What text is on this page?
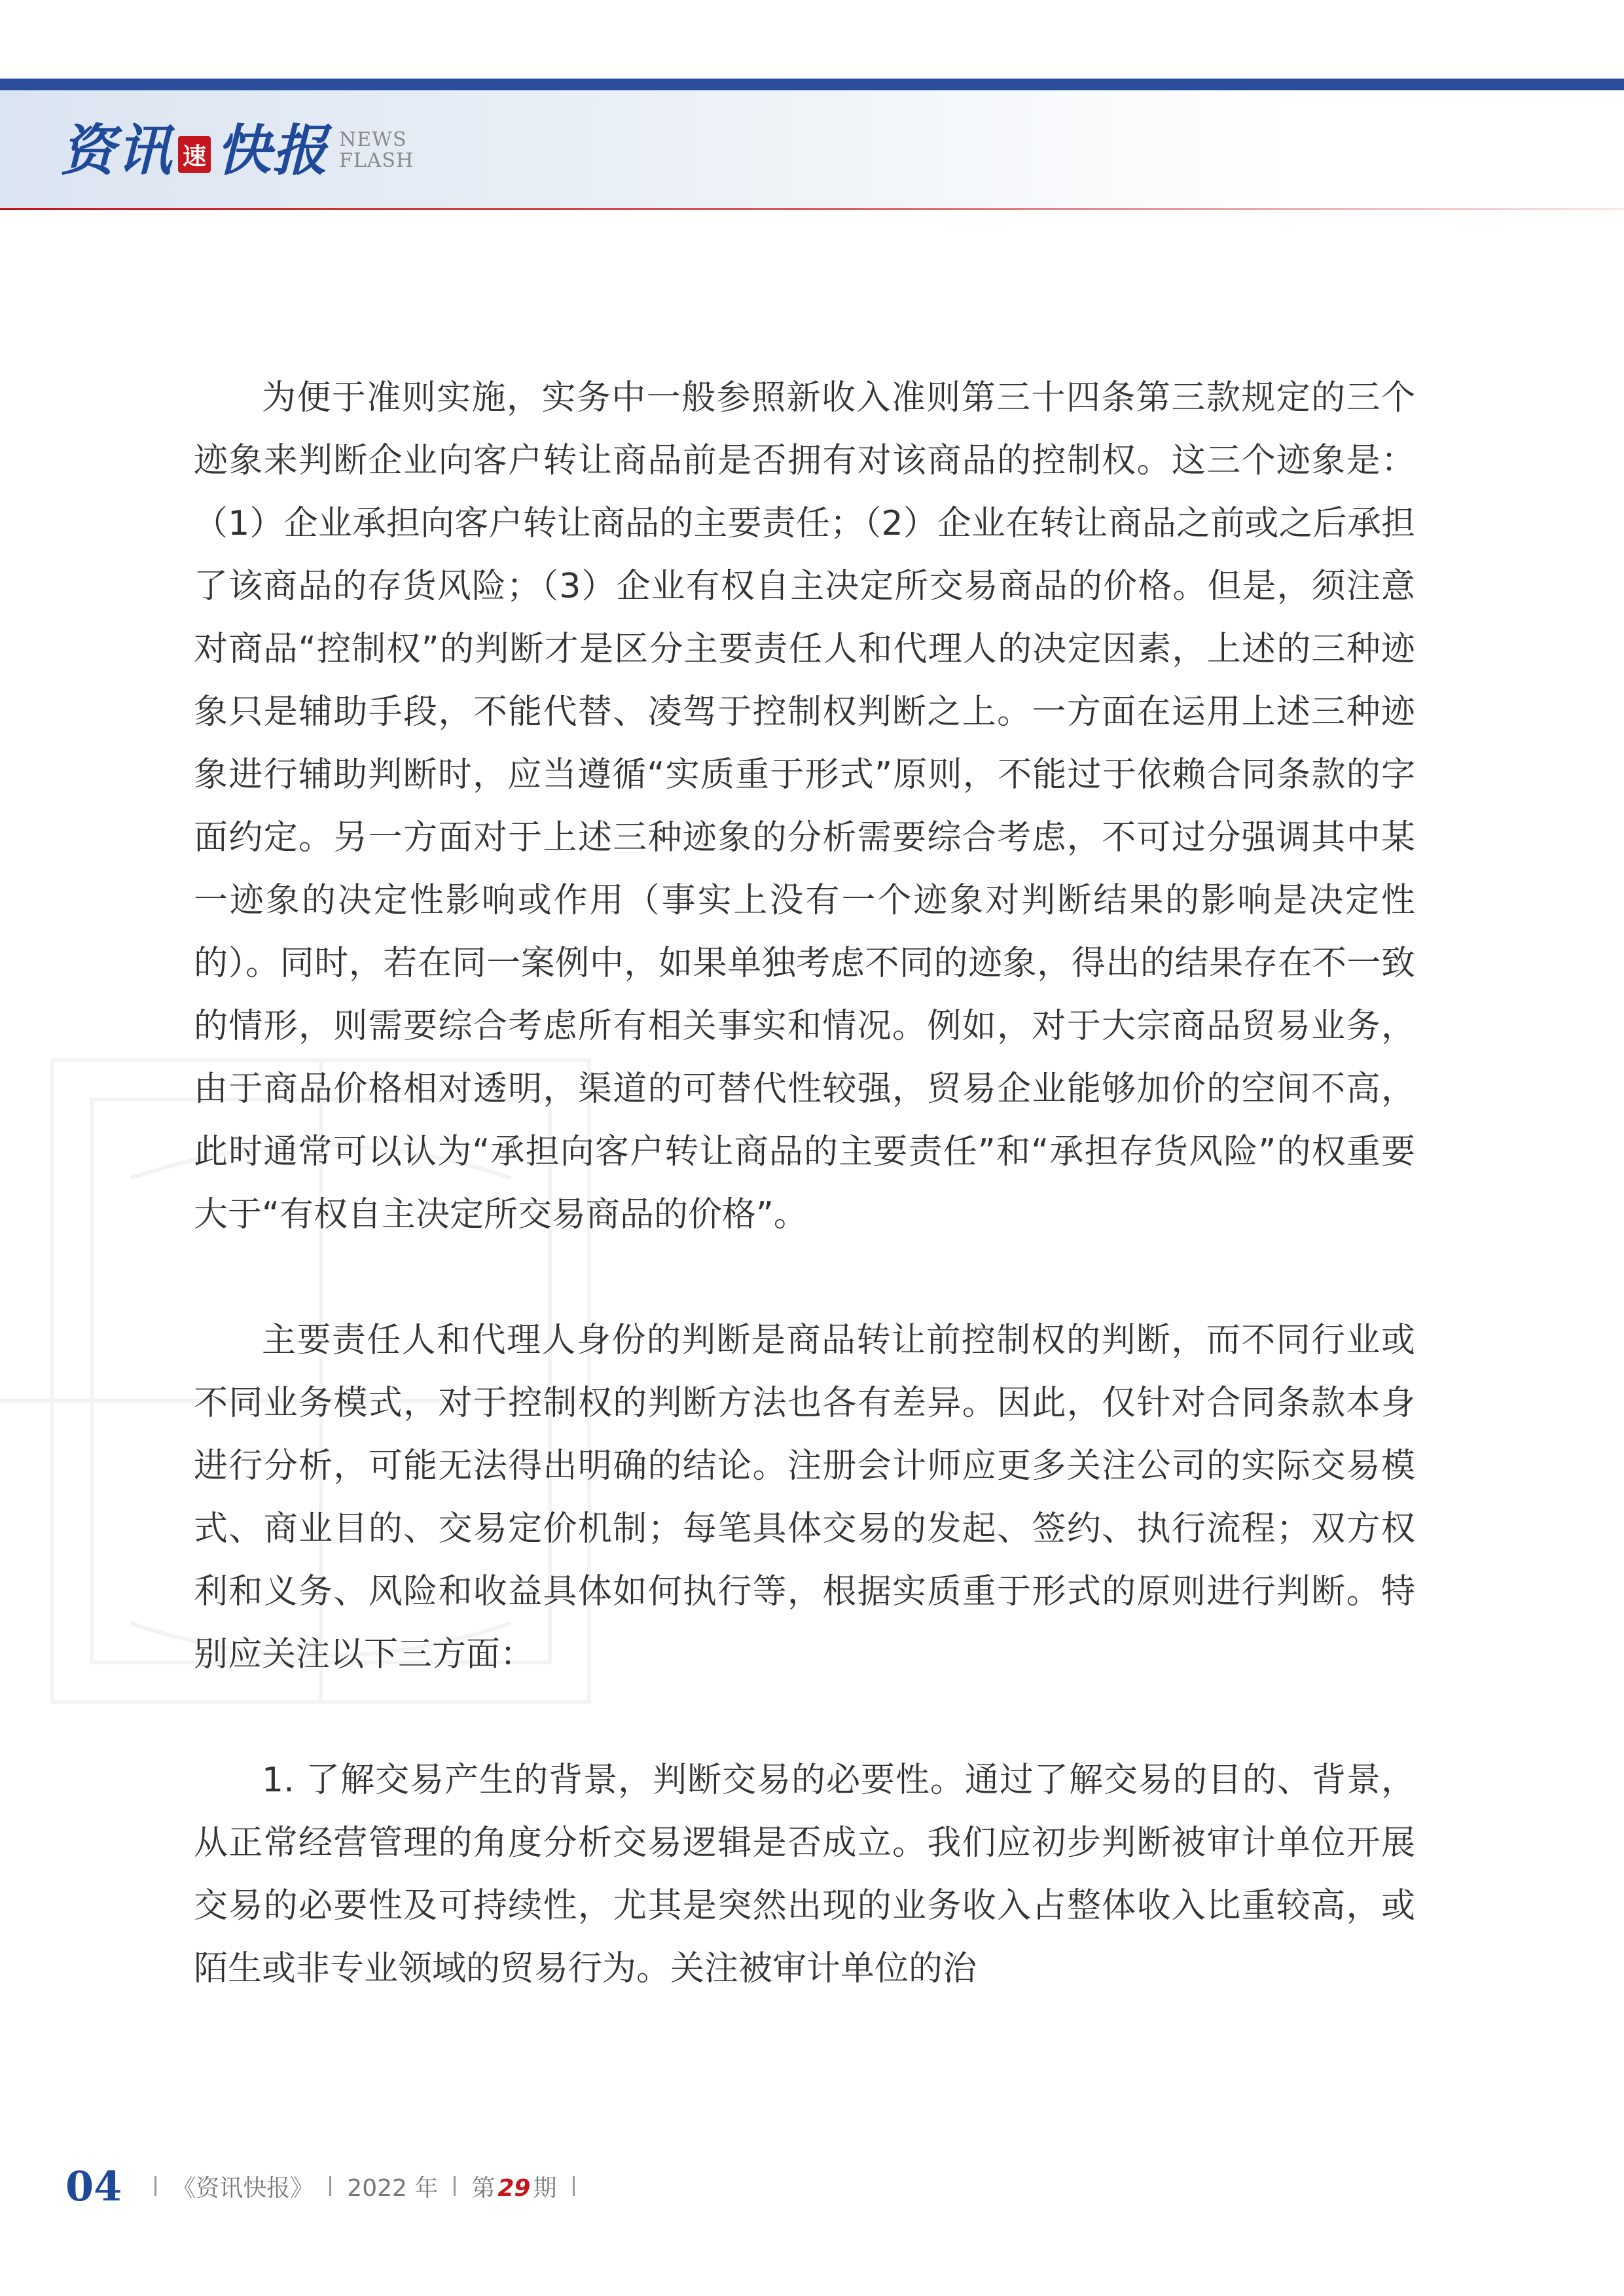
资讯 速 快报 NEWS
FLASH

为便于准则实施，实务中一般参照新收入准则第三十四条第三款规定的三个迹象来判断企业向客户转让商品前是否拥有对该商品的控制权。这三个迹象是：（1）企业承担向客户转让商品的主要责任；（2）企业在转让商品之前或之后承担了该商品的存货风险；（3）企业有权自主决定所交易商品的价格。但是，须注意对商品“控制权”的判断才是区分主要责任人和代理人的决定因素，上述的三种迹象只是辅助手段，不能代替、凌驾于控制权判断之上。一方面在运用上述三种迹象进行辅助判断时，应当遵循“实质重于形式”原则，不能过于依赖合同条款的字面约定。另一方面对于上述三种迹象的分析需要综合考虑，不可过分强调其中某一迹象的决定性影响或作用（事实上没有一个迹象对判断结果的影响是决定性的）。同时，若在同一案例中，如果单独考虑不同的迹象，得出的结果存在不一致的情形，则需要综合考虑所有相关事实和情况。例如，对于大宗商品贸易业务，由于商品价格相对透明，渠道的可替代性较强，贸易企业能够加价的空间不高，此时通常可以认为“承担向客户转让商品的主要责任”和“承担存货风险”的权重要大于“有权自主决定所交易商品的价格”。

主要责任人和代理人身份的判断是商品转让前控制权的判断，而不同行业或不同业务模式，对于控制权的判断方法也各有差异。因此，仅针对合同条款本身进行分析，可能无法得出明确的结论。注册会计师应更多关注公司的实际交易模式、商业目的、交易定价机制；每笔具体交易的发起、签约、执行流程；双方权利和义务、风险和收益具体如何执行等，根据实质重于形式的原则进行判断。特别应关注以下三方面：

1. 了解交易产生的背景，判断交易的必要性。通过了解交易的目的、背景，从正常经营管理的角度分析交易逻辑是否成立。我们应初步判断被审计单位开展交易的必要性及可持续性，尤其是突然出现的业务收入占整体收入比重较高，或陌生或非专业领域的贸易行为。关注被审计单位的治

04 《资讯快报》 2022 年 第 29 期
